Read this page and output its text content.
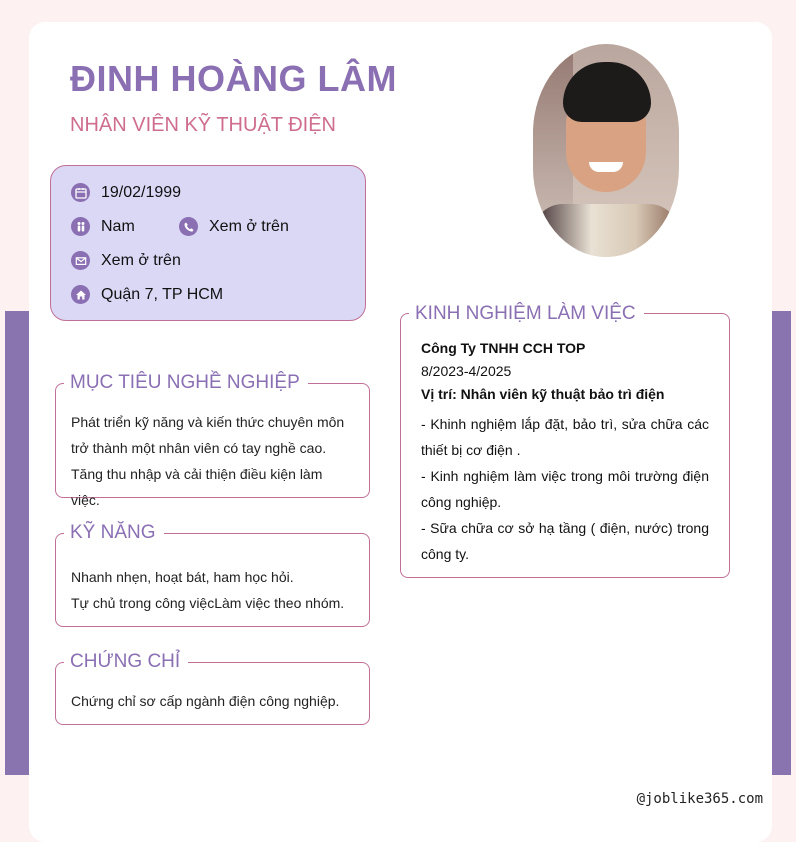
ĐINH HOÀNG LÂM
NHÂN VIÊN KỸ THUẬT ĐIỆN
19/02/1999
Nam	Xem ở trên
Xem ở trên
Quận 7, TP HCM
MỤC TIÊU NGHỀ NGHIỆP

Phát triển kỹ năng và kiến thức chuyên môn

trở thành một nhân viên có tay nghề cao.

Tăng thu nhập và cải thiện điều kiện làm việc.

KỸ NĂNG

Nhanh nhẹn, hoạt bát, ham học hỏi.

Tự chủ trong công việcLàm việc theo nhóm.

CHỨNG CHỈ

Chứng chỉ sơ cấp ngành điện công nghiệp.

KINH NGHIỆM LÀM VIỆC

Công Ty TNHH CCH TOP

8/2023-4/2025

Vị trí: Nhân viên kỹ thuật bảo trì điện

- Khinh nghiệm lắp đặt, bảo trì, sửa chữa các thiết bị cơ điện .

- Kinh nghiệm làm việc trong môi trường điện công nghiệp.

- Sữa chữa cơ sở hạ tầng ( điện, nước) trong công ty.

@joblike365.com
